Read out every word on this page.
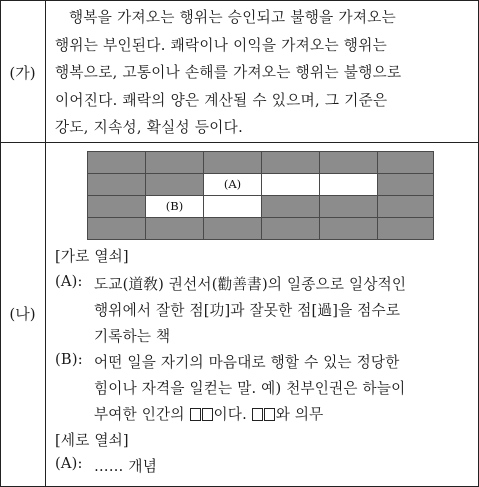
(가)
행복을 가져오는 행위는 승인되고 불행을 가져오는
행위는 부인된다. 쾌락이나 이익을 가져오는 행위는
행복으로, 고통이나 손해를 가져오는 행위는 불행으로
이어진다. 쾌락의 양은 계산될 수 있으며, 그 기준은
강도, 지속성, 확실성 등이다.
(나)
(A)
(B)
[가로 열쇠]
(A): 도교(道敎) 권선서(勸善書)의 일종으로 일상적인
행위에서 잘한 점[功]과 잘못한 점[過]을 점수로
기록하는 책
(B): 어떤 일을 자기의 마음대로 행할 수 있는 정당한
힘이나 자격을 일컫는 말. 예) 천부인권은 하늘이
부여한 인간의 이다. 와 의무
[세로 열쇠]
(A): …… 개념
